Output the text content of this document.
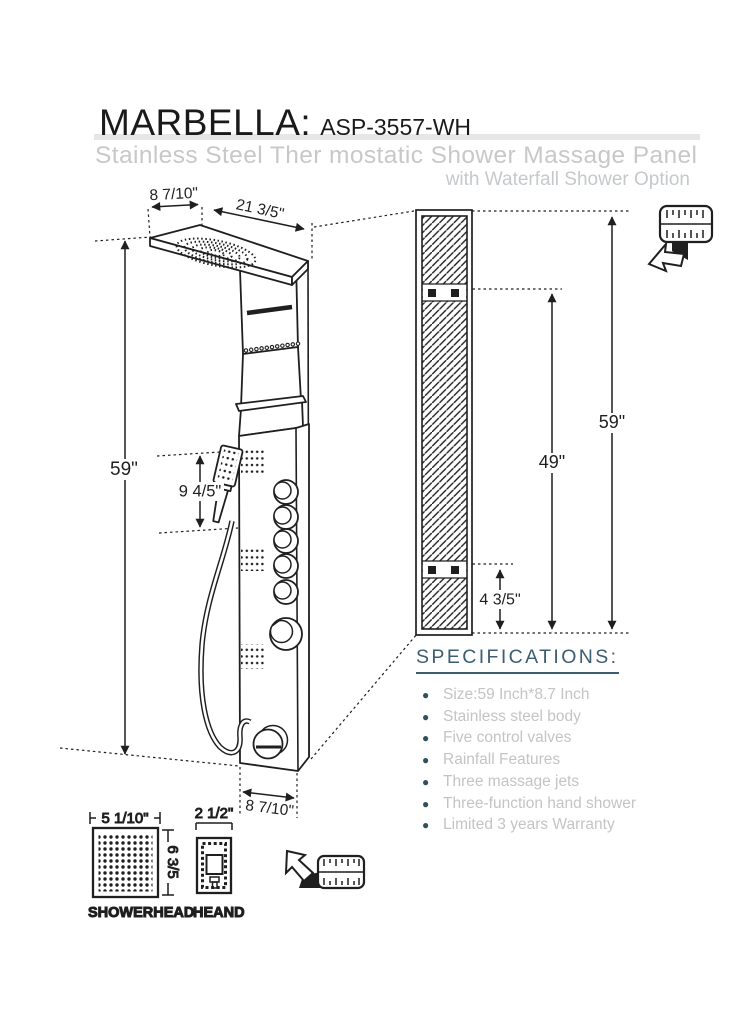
MARBELLA: ASP-3557-WH
Stainless Steel Ther mostatic Shower Massage Panel
with Waterfall Shower Option
8 7/10"
21 3/5"
59"
9 4/5"
8 7/10"
59"
49"
4 3/5"
5 1/10"
6 3/5
SHOWERHEAD
2 1/2"
HEAND
SPECIFICATIONS:
● Size:59 Inch*8.7 Inch
● Stainless steel body
● Five control valves
● Rainfall Features
● Three massage jets
● Three-function hand shower
● Limited 3 years Warranty
